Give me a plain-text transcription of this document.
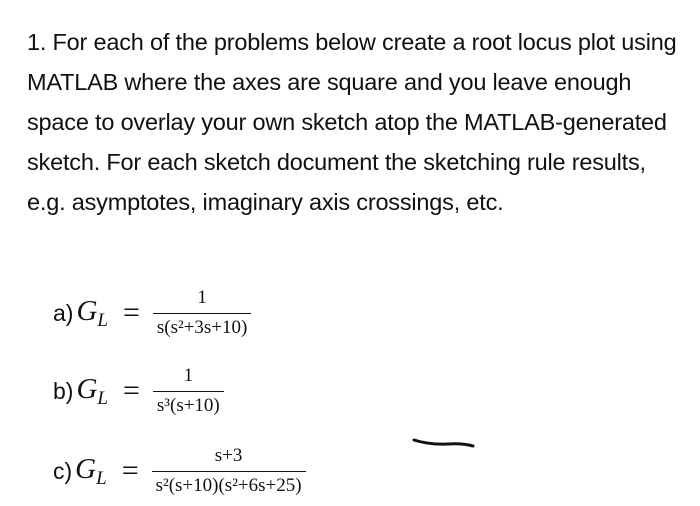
1. For each of the problems below create a root locus plot using MATLAB where the axes are square and you leave enough space to overlay your own sketch atop the MATLAB-generated sketch. For each sketch document the sketching rule results, e.g. asymptotes, imaginary axis crossings, etc.

a) $G_L = \frac{1}{\text{s(s²+3s+10)}}$
b) $G_L = \frac{1}{\text{s³(s+10)}}$
c) $G_L = \frac{s+3}{\text{s²(s+10)(s²+6s+25)}}$
